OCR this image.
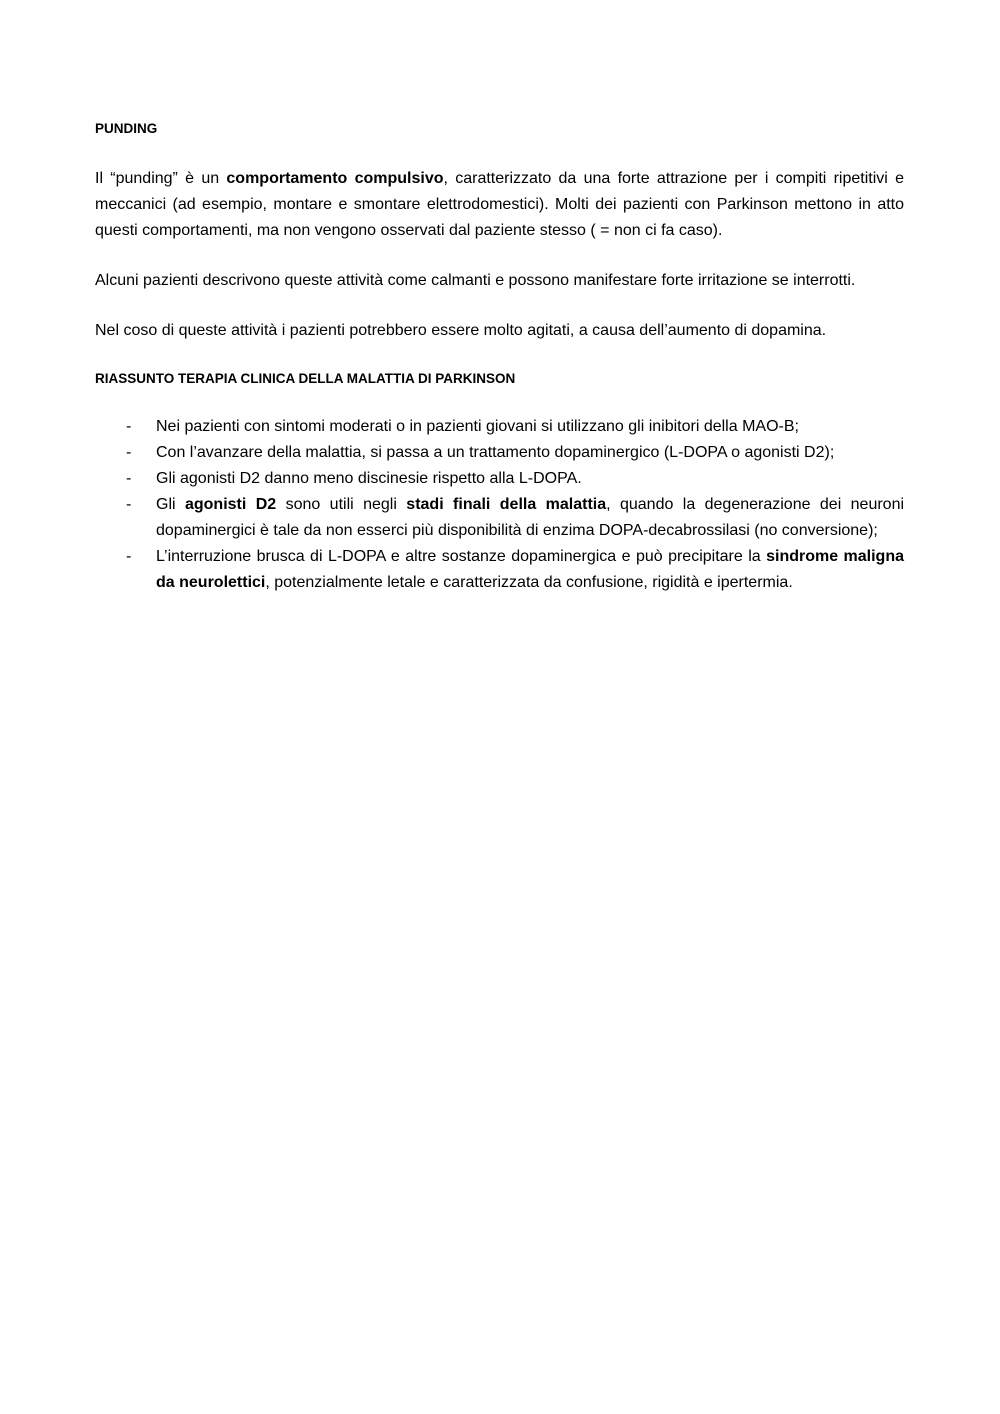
PUNDING

Il “punding” è un comportamento compulsivo, caratterizzato da una forte attrazione per i compiti ripetitivi e meccanici (ad esempio, montare e smontare elettrodomestici). Molti dei pazienti con Parkinson mettono in atto questi comportamenti, ma non vengono osservati dal paziente stesso ( = non ci fa caso).

Alcuni pazienti descrivono queste attività come calmanti e possono manifestare forte irritazione se interrotti.

Nel coso di queste attività i pazienti potrebbero essere molto agitati, a causa dell’aumento di dopamina.

RIASSUNTO TERAPIA CLINICA DELLA MALATTIA DI PARKINSON
- Nei pazienti con sintomi moderati o in pazienti giovani si utilizzano gli inibitori della MAO-B;
- Con l’avanzare della malattia, si passa a un trattamento dopaminergico (L-DOPA o agonisti D2);
- Gli agonisti D2 danno meno discinesie rispetto alla L-DOPA.
- Gli agonisti D2 sono utili negli stadi finali della malattia, quando la degenerazione dei neuroni dopaminergici è tale da non esserci più disponibilità di enzima DOPA-decabrossilasi (no conversione);
- L’interruzione brusca di L-DOPA e altre sostanze dopaminergica e può precipitare la sindrome maligna da neurolettici, potenzialmente letale e caratterizzata da confusione, rigidità e ipertermia.
